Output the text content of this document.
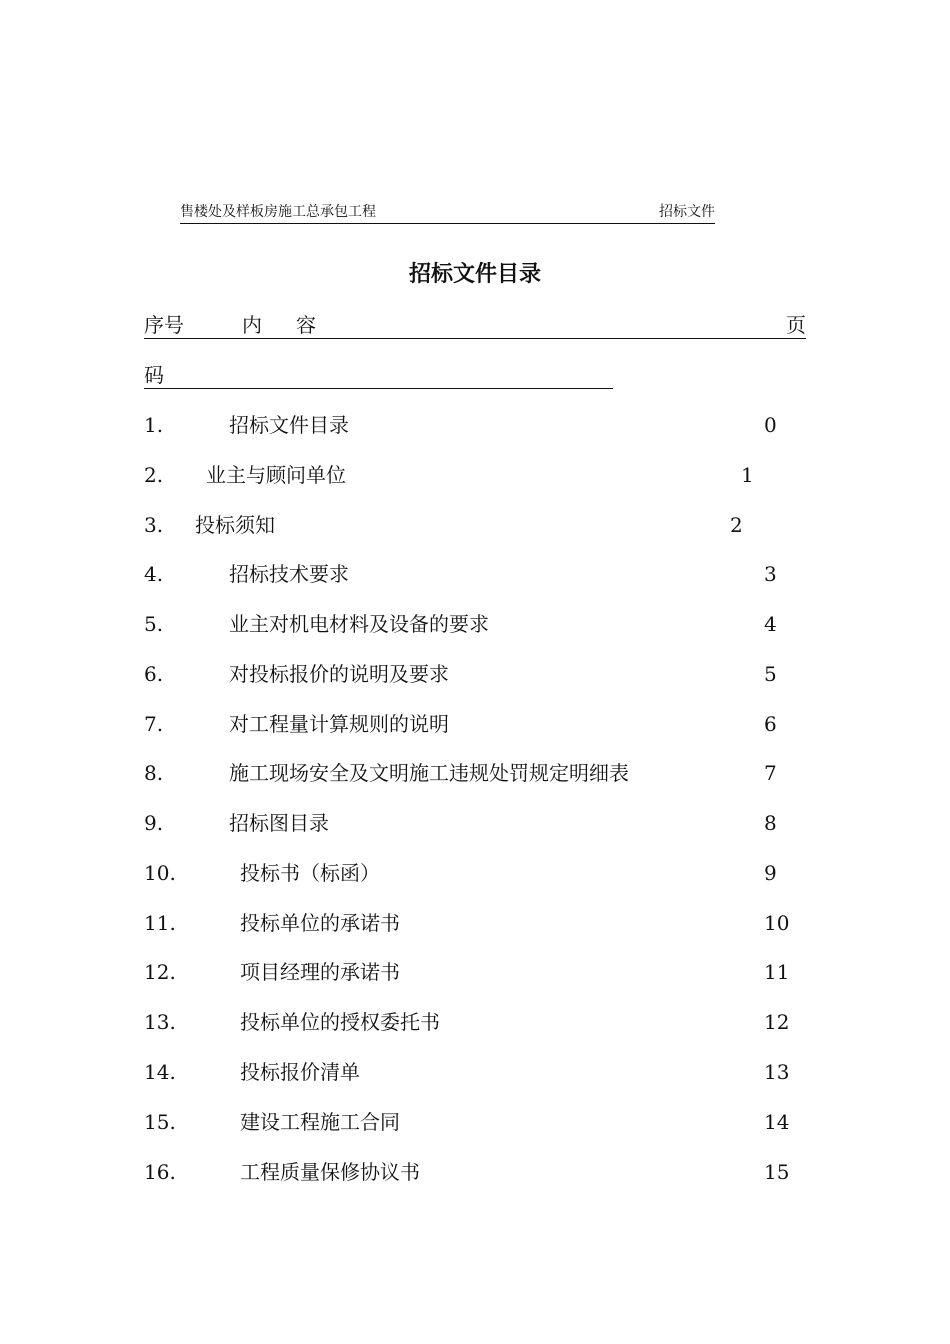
售楼处及样板房施工总承包工程	招标文件
招标文件目录
序号	内容	页
码
1.	招标文件目录	0
2. 业主与顾问单位	1
3. 投标须知	2
4.	招标技术要求	3
5.	业主对机电材料及设备的要求	4
6.	对投标报价的说明及要求	5
7.	对工程量计算规则的说明	6
8.	施工现场安全及文明施工违规处罚规定明细表	7
9.	招标图目录	8
10.	投标书（标函）	9
11.	投标单位的承诺书	10
12.	项目经理的承诺书	11
13.	投标单位的授权委托书	12
14.	投标报价清单	13
15.	建设工程施工合同	14
16.	工程质量保修协议书	15
